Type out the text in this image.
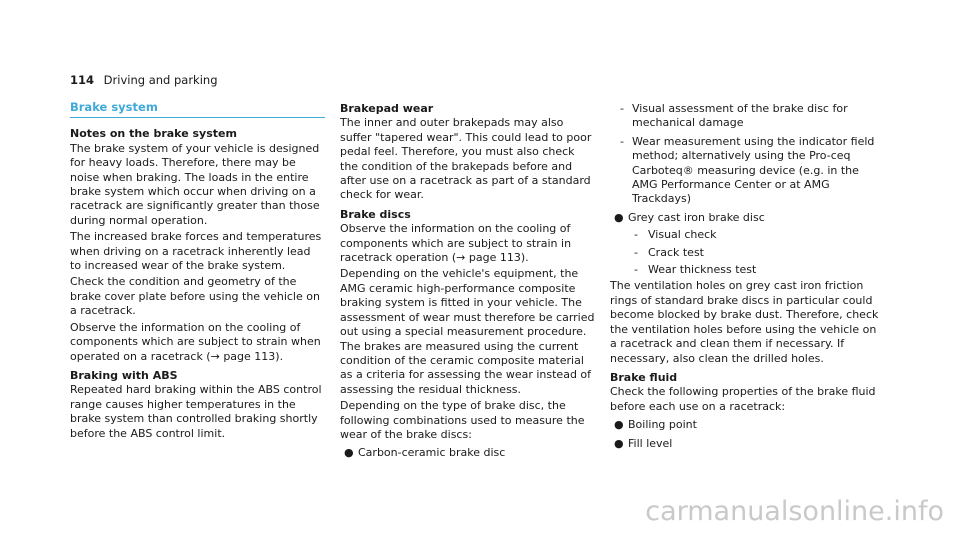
114 Driving and parking
Brake system

Notes on the brake system

The brake system of your vehicle is designed for heavy loads. Therefore, there may be noise when braking. The loads in the entire brake system which occur when driving on a racetrack are significantly greater than those during normal operation.

The increased brake forces and temperatures when driving on a racetrack inherently lead to increased wear of the brake system.

Check the condition and geometry of the brake cover plate before using the vehicle on a racetrack.

Observe the information on the cooling of components which are subject to strain when operated on a racetrack (→ page 113).

Braking with ABS

Repeated hard braking within the ABS control range causes higher temperatures in the brake system than controlled braking shortly before the ABS control limit.

Brakepad wear

The inner and outer brakepads may also suffer "tapered wear". This could lead to poor pedal feel. Therefore, you must also check the condition of the brakepads before and after use on a racetrack as part of a standard check for wear.

Brake discs

Observe the information on the cooling of components which are subject to strain in racetrack operation (→ page 113).

Depending on the vehicle's equipment, the AMG ceramic high-performance composite braking system is fitted in your vehicle. The assessment of wear must therefore be carried out using a special measurement procedure. The brakes are measured using the current condition of the ceramic composite material as a criteria for assessing the wear instead of assessing the residual thickness.

Depending on the type of brake disc, the following combinations used to measure the wear of the brake discs:

● Carbon-ceramic brake disc

- Visual assessment of the brake disc for mechanical damage

- Wear measurement using the indicator field method; alternatively using the Pro-ceq Carboteq® measuring device (e.g. in the AMG Performance Center or at AMG Trackdays)

● Grey cast iron brake disc

- Visual check

- Crack test

- Wear thickness test

The ventilation holes on grey cast iron friction rings of standard brake discs in particular could become blocked by brake dust. Therefore, check the ventilation holes before using the vehicle on a racetrack and clean them if necessary. If necessary, also clean the drilled holes.

Brake fluid

Check the following properties of the brake fluid before each use on a racetrack:

● Boiling point

● Fill level

carmanualsonline.info
